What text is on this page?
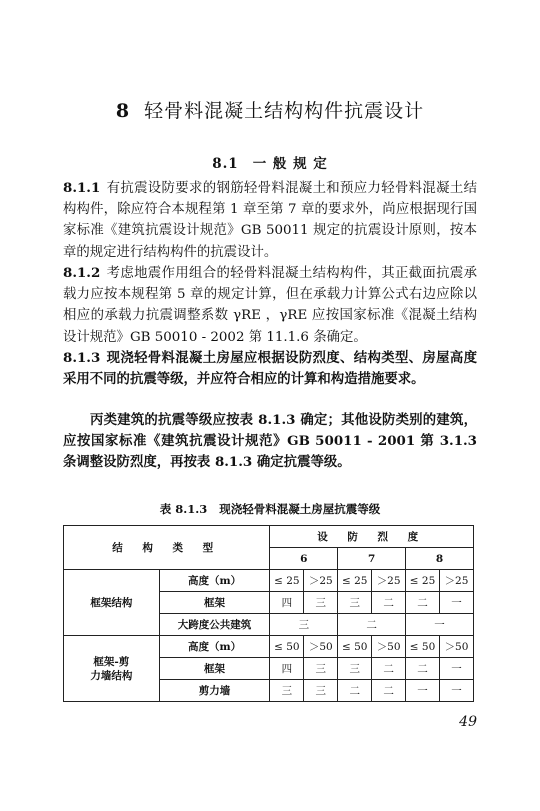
8 轻骨料混凝土结构构件抗震设计
8.1 一 般 规 定
8.1.1 有抗震设防要求的钢筋轻骨料混凝土和预应力轻骨料混凝土结构构件，除应符合本规程第 1 章至第 7 章的要求外，尚应根据现行国家标准《建筑抗震设计规范》GB 50011 规定的抗震设计原则，按本章的规定进行结构构件的抗震设计。
8.1.2 考虑地震作用组合的轻骨料混凝土结构构件，其正截面抗震承载力应按本规程第 5 章的规定计算，但在承载力计算公式右边应除以相应的承载力抗震调整系数 γRE ，γRE 应按国家标准《混凝土结构设计规范》GB 50010 - 2002 第 11.1.6 条确定。
8.1.3 现浇轻骨料混凝土房屋应根据设防烈度、结构类型、房屋高度采用不同的抗震等级，并应符合相应的计算和构造措施要求。
丙类建筑的抗震等级应按表 8.1.3 确定；其他设防类别的建筑，应按国家标准《建筑抗震设计规范》GB 50011 - 2001 第 3.1.3 条调整设防烈度，再按表 8.1.3 确定抗震等级。
表 8.1.3 现浇轻骨料混凝土房屋抗震等级
结 构 类 型		设 防 烈 度					
		6		7		8	
框架结构	高度（m）	≤ 25	＞25	≤ 25	＞25	≤ 25	＞25
	框架	四	三	三	二	二	一
	大跨度公共建筑	三		二		一	
框架-剪
力墙结构	高度（m）	≤ 50	＞50	≤ 50	＞50	≤ 50	＞50
	框架	四	三	三	二	二	一
	剪力墙	三	三	二	二	一	一
49
